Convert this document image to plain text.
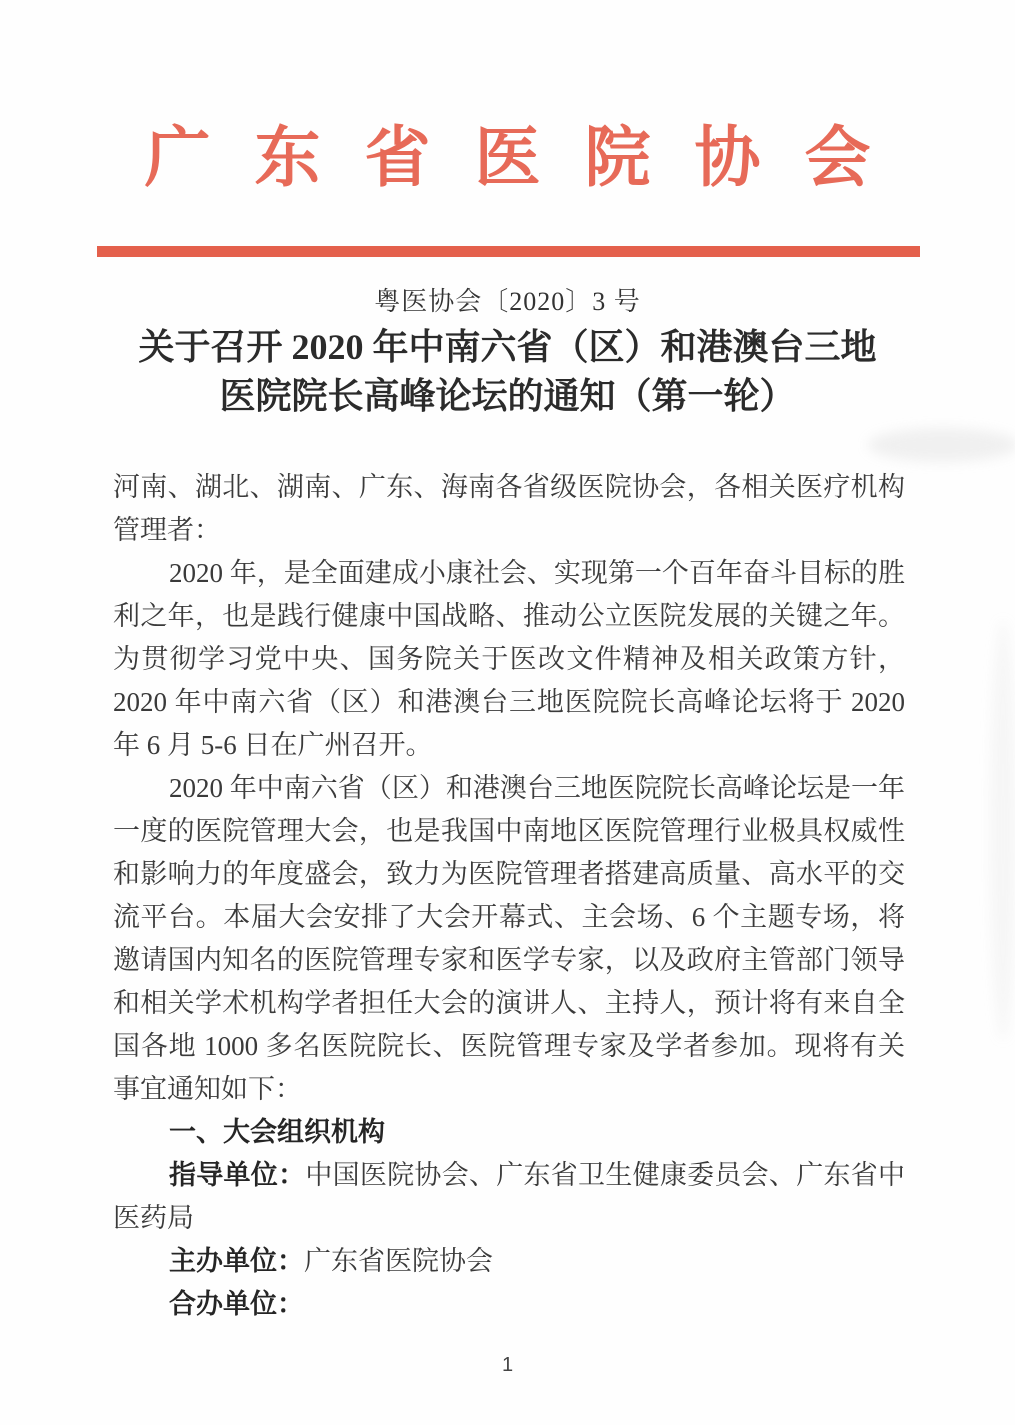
广东省医院协会
粤医协会〔2020〕3 号
关于召开 2020 年中南六省（区）和港澳台三地
医院院长高峰论坛的通知（第一轮）

河南、湖北、湖南、广东、海南各省级医院协会，各相关医疗机构管理者：

2020 年，是全面建成小康社会、实现第一个百年奋斗目标的胜利之年，也是践行健康中国战略、推动公立医院发展的关键之年。为贯彻学习党中央、国务院关于医改文件精神及相关政策方针，2020 年中南六省（区）和港澳台三地医院院长高峰论坛将于 2020 年 6 月 5-6 日在广州召开。

2020 年中南六省（区）和港澳台三地医院院长高峰论坛是一年一度的医院管理大会，也是我国中南地区医院管理行业极具权威性和影响力的年度盛会，致力为医院管理者搭建高质量、高水平的交流平台。本届大会安排了大会开幕式、主会场、6 个主题专场，将邀请国内知名的医院管理专家和医学专家，以及政府主管部门领导和相关学术机构学者担任大会的演讲人、主持人，预计将有来自全国各地 1000 多名医院院长、医院管理专家及学者参加。现将有关事宜通知如下：

一、大会组织机构

指导单位：中国医院协会、广东省卫生健康委员会、广东省中医药局

主办单位：广东省医院协会

合办单位：

1
